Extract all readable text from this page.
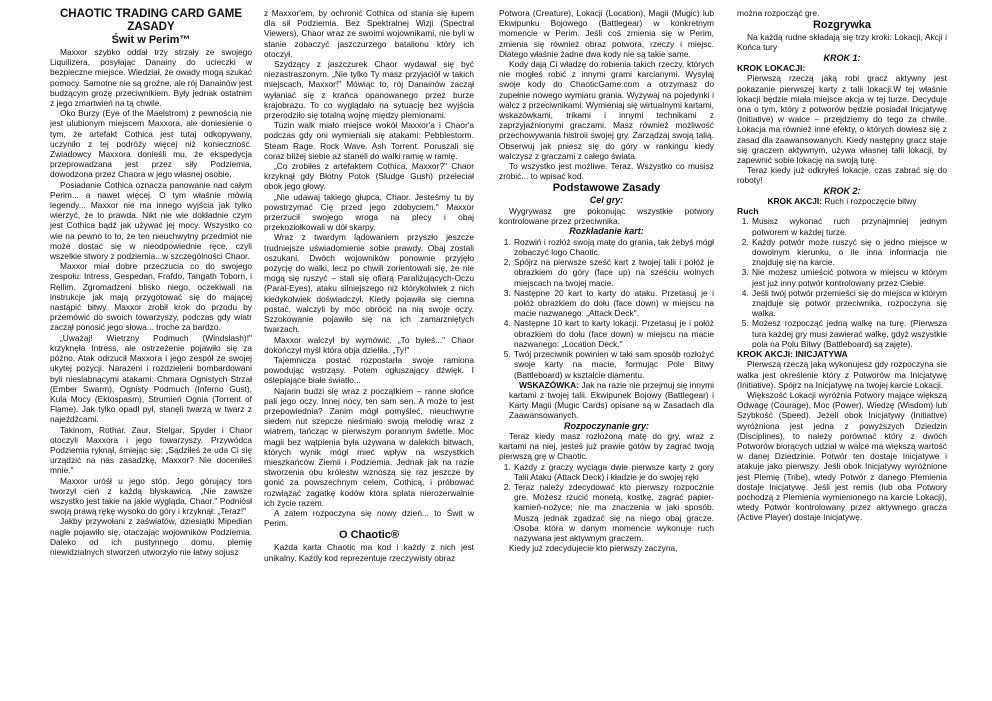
CHAOTIC TRADING CARD GAME
ZASADY
Świt w Perim™

Maxxor szybko oddał trzy strzały ze swojego Liquilizera, posyłając Danainy do ucieczki w bezpieczne miejsce. Wiedział, że owady mogą szukać pomocy. Samotne nie są groźne, ale rój Danainów jest budzącym grozę przeciwnikiem. Były jednak ostatnim z jego zmartwień na tą chwile.

Oko Burzy (Eye of the Maelstrom) z pewnością nie jest ulubionym miejscem Maxxora, ale doniesienie o tym, że artefakt Cothica jest tutaj odkopywany, uczyniło z tej podróży więcej niż konieczność. Zwiadowcy Maxxora donieśli mu, że ekspedycja przeprowadzana jest przez siły Podziemia, dowodzona przez Chaora w jego własnej osobie.

Posiadanie Cothica oznacza panowanie nad całym Perim... a nawet więcej. O tym właśnie mówią legendy... Maxxor nie ma innego wyjścia jak tylko wierzyć, że to prawda. Nikt nie wie dokładnie czym jest Cothica bądź jak używać jej mocy. Wszystko co wie na pewno to to, że ten nieuchwytny przedmiot nie może dostać się w nieodpowiednie ręce, czyli wszelkie stwory z podziemia...w szczególności Chaor.

Maxxor miał dobre przeczucia co do swojego zespołu: Intress, Gespedan, Frafdo, Tangath Toborn, i Rellim. Zgromadzeni blisko niego, oczekiwali na instrukcje jak mają przygotować się do mającej nastąpić bitwy. Maxxor zrobił krok do przodu by przemówić do swoich towarzyszy, podczas gdy wiatr zaczął ponosić jego słowa... troche za bardzo.

„Uważaj! Wietrzny Podmuch (Windslash)!" krzyknęła Intress, ale ostrzeżenie pojawiło się za późno. Atak odrzucił Maxxora i jego zespół ze swojej ukytej pozycji. Narażeni i rozdzieleni bombardowani byli nieslabnącymi atakami: Chmara Ognistych Strzał (Ember Swarm), Ognisty Podmuch (Inferno Gust), Kula Mocy (Ektospasm), Strumień Ognia (Torrent of Flame). Jak tylko opadł pył, stanęli twarzą w twarz z najeźdźcami.

Takinom, Rothar, Zaur, Stelgar, Spyder i Chaor otoczyli Maxxora i jego towarzyszy. Przywódca Podziemia ryknął, śmiejąc się: „Sądziłeś że uda Ci się urządzić na nas zasadzkę, Maxxor? Nie doceniłeś mnie."

Maxxor uróśł u jego stóp. Jego górujący tors tworzył cień z każdą błyskawicą. „Nie zawsze wszystko jest takie na jakie wygląda, Chaor." Podniósł swoją prawą rękę wysoko do góry i krzyknął: „Teraz!"

Jakby przywołani z zaświatów, dziesiątki Mipedian nagle pojawiło się, otaczając wojowników Podziemia. Daleko od ich pustynnego domu, plemię niewidzialnych stworzeń utworzyło nie łatwy sojusz

z Maxxor'em, by ochronić Cothica od stania się łupem dla sił Podziemia. Bez Spektralnej Wizji (Spectral Viewers), Chaor wraz ze swoimi wojownikami, nie byli w stanie zobaczyć jaszczurzego batalionu który ich otoczył.

Szydzący z jaszczurek Chaor wydawał się być niezastraszonym. „Nie tylko Ty masz przyjaciół w takich miejscach, Maxxor!" Mówiąc to, rój Danainów zaczął wyłaniać się z krańca opanowanego przez burze krajobrazu. To co wyglądało na sytuację bez wyjścia przerodziło się totalną wojnę między plemionami.

Tuzin walk miało miejsce wokół Maxxor'a i Chaor'a podczas gdy oni wymieniali się atakami: Pebblestorm. Steam Rage. Rock Wave. Ash Torrent. Poruszali się coraz bliżej siebie aż staneli do walki ramię w ramię.

„Co zrobiłes z artefaktem Cothica, Maxxor?" Chaor krzyknął gdy Błotny Potok (Sludge Gush) przeleciał obok jego głowy.

„Nie udawaj takiego głupca, Chaor. Jesteśmy tu by powstrzymać Cię przed jego zdobyciem." Maxxor przerzucił swojego wroga na plecy i obaj przekoziołkowali w dół skarpy.

Wraz z twardym lądowaniem przyszło jeszcze trudniejsze uświadomienie sobie prawdy. Obaj zostali oszukani. Dwóch wojowników ponownie przyjęło pozycję do walki, lecz po chwili zorientowali się, że nie mogą się ruszyć – stali się ofiarą Paraliżujących-Oczu (Paral-Eyes), ataku silniejszego niż którykolwiek z nich kiedykolwiek doświadczył. Kiedy pojawiła się ciemna postać, walczyli by móc obrócić na nią swoje oczy. Szzokowanie pojawiło się na ich zamarzniętych twarzach.

Maxxor walczył by wymówić, „To byłeś..." Chaor dokończył myśl która obja dzieliła. „Ty!"

Tajemnicza postać rozpostarła swoje ramiona powodując wstrząsy. Potem ogłuszający dźwięk. I oślepiające białe światło...

Najarin budzi się wraz z początkiem – ranne słońce pali jego oczy. Innej nocy, ten sam sen. A może to jest przepowiednia? Zanim mógł pomyśleć, nieuchwyne siedem nut szepcze nieśmiało swoją melodię wraz z wiatrem, tańcząc w pierwszym porannym świetle. Moc magii bez wątpienia była używana w dalekich bitwach, których wynik mógł mieć wpływ na wszystkich mieszkańców Ziemii i Podziemia. Jednak jak na razie stworzenia obu królestw wznoszą się raz jeszcze by gonić za powszechnym celem, Cothicą, i próbować rozwiązać zagatkę kodów która splata nierozerwalnie ich życie razem.

A zatem rozpoczyna się nowy dzień... to Świt w Perim.

O Chaotic®

Każda karta Chaotic ma kod i każdy z nich jest unikalny. Każdy kod reprezentuje rzeczywisty obraz

Potwora (Creature), Lokacji (Location), Magii (Mugic) lub Ekwipunku Bojowego (Battlegear) w konkretnym momencie w Perim. Jeśli coś zmienia się w Perim, zmienia się również obraz potwora, rzeczy i miejsc. Dlatego właśnie żadne dwa kody nie są takie same.

Kody dają Ci władzę do robienia takich rzeczy, których nie mogłeś robić z innymi grami karcianymi. Wysyłaj swoje kody do ChaoticGame.com a otrzymasz do zupełnie nowego wymiaru grania. Wyzywaj na pojedynki i walcz z przeciwnikami. Wymieniaj się wirtualnymi kartami, wskazówkami, trikami i innymi technikami z zaprzyjaźnionymi graczami. Masz również możliwość przechowywania histroii swojej gry. Zarządzaj swoją talią. Obserwuj jak pniesz się do góry w rankingu kiedy walczysz z graczami z całego świata.

To wszystko jest możliwe. Teraz. Wszystko co musisz zrobić... to wpisać kod.

Podstawowe Zasady
Cel gry:

Wygrywasz gre pokonując wszystkie potwory kontrolowane przez przeciwnika.

Rozkładanie kart:
1. Rozwiń i rozłóż swoją matę do grania, tak żebyś mógł zobaczyć logo Chaotic.
2. Spójrz na pierwsze sześć kart z twojej talii i połóż je obrazkiem do góry (face up) na sześciu wolnych miejscach na twojej macie.
3. Następne 20 kart to karty do ataku. Przetasuj je i połóż obrazkiem do dołu (face down) w miejscu na macie nazwanego: „Attack Deck".
4. Następne 10 kart to karty lokacji. Przetasuj je i połóż obrazkiem do dołu (face down) w miejscu na macie nazwanego: „Location Deck."
5. Twój przeciwnik powinien w taki sam sposób rozłożyć swoje karty na macie, formując Pole Bitwy (Battleboard) w kształcie diamentu.

WSKAZÓWKA: Jak na razie nie przejmuj się innymi kartami z twojej talii. Ekwipunek Bojowy (Battlegear) i Karty Magii (Mugic Cards) opisane są w Zasadach dla Zaawansowanych.

Rozpoczynanie gry:

Teraz kiedy masz rozłożoną matę do gry, wraz z kartami na niej, jesteś już prawie gotów by zagrać twoją pierwszą grę w Chaotic.

1. Każdy z graczy wyciąga dwie pierwsze karty z gory Talii Ataku (Attack Deck) i kładzie je do swojej ręki
2. Teraz należy zdecydować kto pierwszy rozpocznie gre. Możesz rzucić monetą, kostkę, zagrać papier-kamień-nożyce; nie ma znaczenia w jaki sposób. Muszą jednak zgadzać się na niego obaj gracze. Osoba która w danym momencie wykonuje ruch nazywana jest aktywnym graczem.

Kiedy już zdecydujecie kto pierwszy zaczyna,

można rozpocząć gre.

Rozgrywka

Na każdą rudne składają się trzy kroki: Lokacji, Akcji i Końca tury

KROK 1:
KROK LOKACJI:

Pierwszą rzeczą jaką robi gracz aktywny jest pokazanie pierwszej karty z talii lokacji.W tej właśnie lokacji będzie miała miejsce akcja w tej turze. Decyduje ona o tym, który z potworów będzie posiadał Inicjatywę (Initiative) w walce – przejdziemy do tego za chwile. Lokacja ma również inne efekty, o których dowiesz się z zasad dla zaawansowanych. Kiedy następny gracz staje się graczem aktywnym, używa własnej talii lokacji, by zapewnić sobie lokację na swoją turę.

Teraz kiedy już odkryłeś lokacje, czas zabrać się do roboty!

KROK 2:

KROK AKCJI: Ruch i rozpoczęcie bitwy

Ruch
1. Musisz wykonać ruch przynajmniej jednym potworem w każdej turze.
2. Każdy potwór może ruszyć się o jedno miejsce w dowolnym kierunku, o ile inna informacja nie znajduję się na karcie.
3. Nie możesz umieścić potwora w miejscu w którym jest już inny potwór kontrolowany przez Ciebie.
4. Jeśli twój potwór przemieści się do miejsca w którym znajduje się potwór przeciwnika, rozpoczyna się walka.
5. Możesz rozpocząć jedną walkę na turę. (Pierwsza tura każdej gry musi zawierać walkę, gdyż wszystkie pola na Polu Bitwy (Battleboard) są zajęte).
KROK AKCJI: INICJATYWA

Pierwszą rzeczą jaką wykonujesz gdy rozpoczyna sie walka jest określenie który z Potworów ma Inicjatywę (Initiative). Spójrz na Inicjatywę na twojej karcie Lokacji.

Większość Lokacji wyróżnia Potwory mające większą Odwagę (Courage), Moc (Power), Wiedzę (Wisdom) lub Szybkość (Speed). Jeżeli obok Inicjatywy (Initiative) wyróżniona jest jedna z powyższych Dziedzin (Disciplines), to należy porównać który z dwóch Potworów biorących udział w walce ma większą wartość w danej Dziedzinie. Potwór ten dostaje Inicjatywe i atakuje jako pierwszy. Jeśli obok Inicjatywy wyróżnione jest Plemię (Tribe), wtedy Potwór z danego Plemienia dostaje Inicjatywę. Jeśli jest remis (lub oba Potwory pochodzą z Plemienia wymienionego na karcie Lokacji), wtedy Potwór kontrolowany przez aktywnego gracza (Active Player) dostaje Inicjatywę.
